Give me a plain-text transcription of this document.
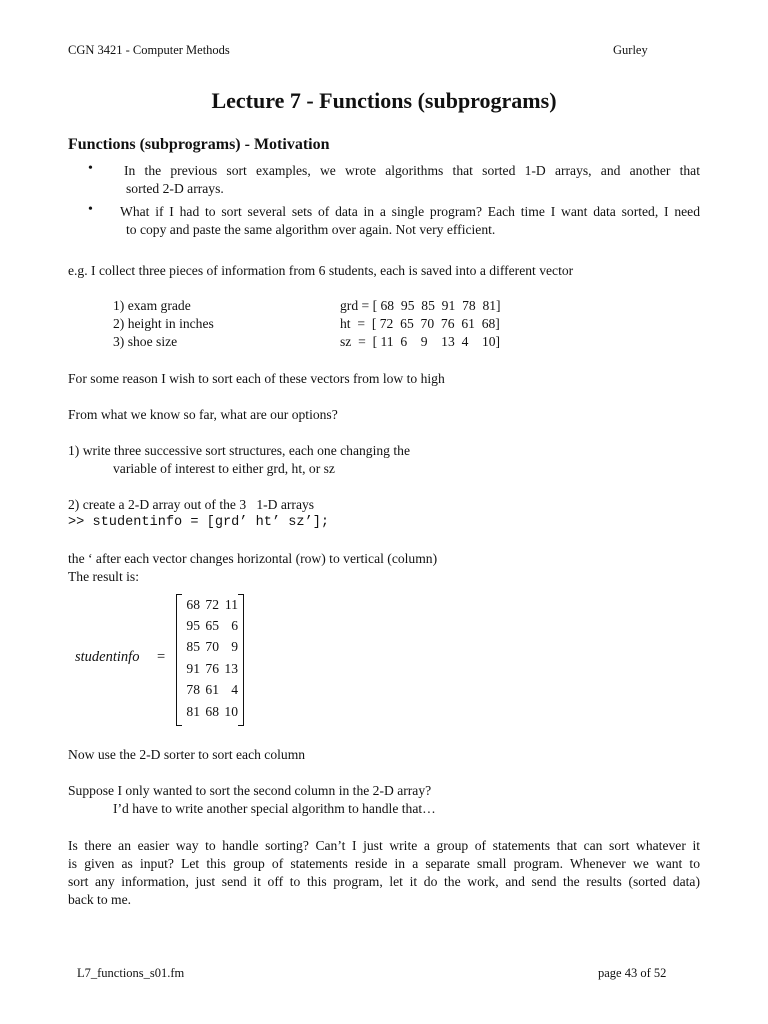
CGN 3421 - Computer Methods	Gurley
Lecture 7 - Functions (subprograms)
Functions (subprograms) - Motivation
• In the previous sort examples, we wrote algorithms that sorted 1-D arrays, and another that
sorted 2-D arrays.
• What if I had to sort several sets of data in a single program? Each time I want data sorted, I need
to copy and paste the same algorithm over again. Not very efficient.
e.g. I collect three pieces of information from 6 students, each is saved into a different vector
1) exam grade	grd = [ 68  95  85  91  78  81]
2) height in inches	ht  =  [ 72  65  70  76  61  68]
3) shoe size	sz  =  [ 11  6    9    13  4    10]
For some reason I wish to sort each of these vectors from low to high
From what we know so far, what are our options?
1) write three successive sort structures, each one changing the
variable of interest to either grd, ht, or sz
2) create a 2-D array out of the 3   1-D arrays
>> studentinfo = [grd’ ht’ sz’];
the ‘ after each vector changes horizontal (row) to vertical (column)
The result is:
studentinfo =
68 72 11
95 65 6
85 70 9
91 76 13
78 61 4
81 68 10
Now use the 2-D sorter to sort each column
Suppose I only wanted to sort the second column in the 2-D array?
I’d have to write another special algorithm to handle that…
Is there an easier way to handle sorting? Can’t I just write a group of statements that can sort whatever it
is given as input? Let this group of statements reside in a separate small program. Whenever we want to
sort any information, just send it off to this program, let it do the work, and send the results (sorted data)
back to me.
L7_functions_s01.fm	page 43 of 52
